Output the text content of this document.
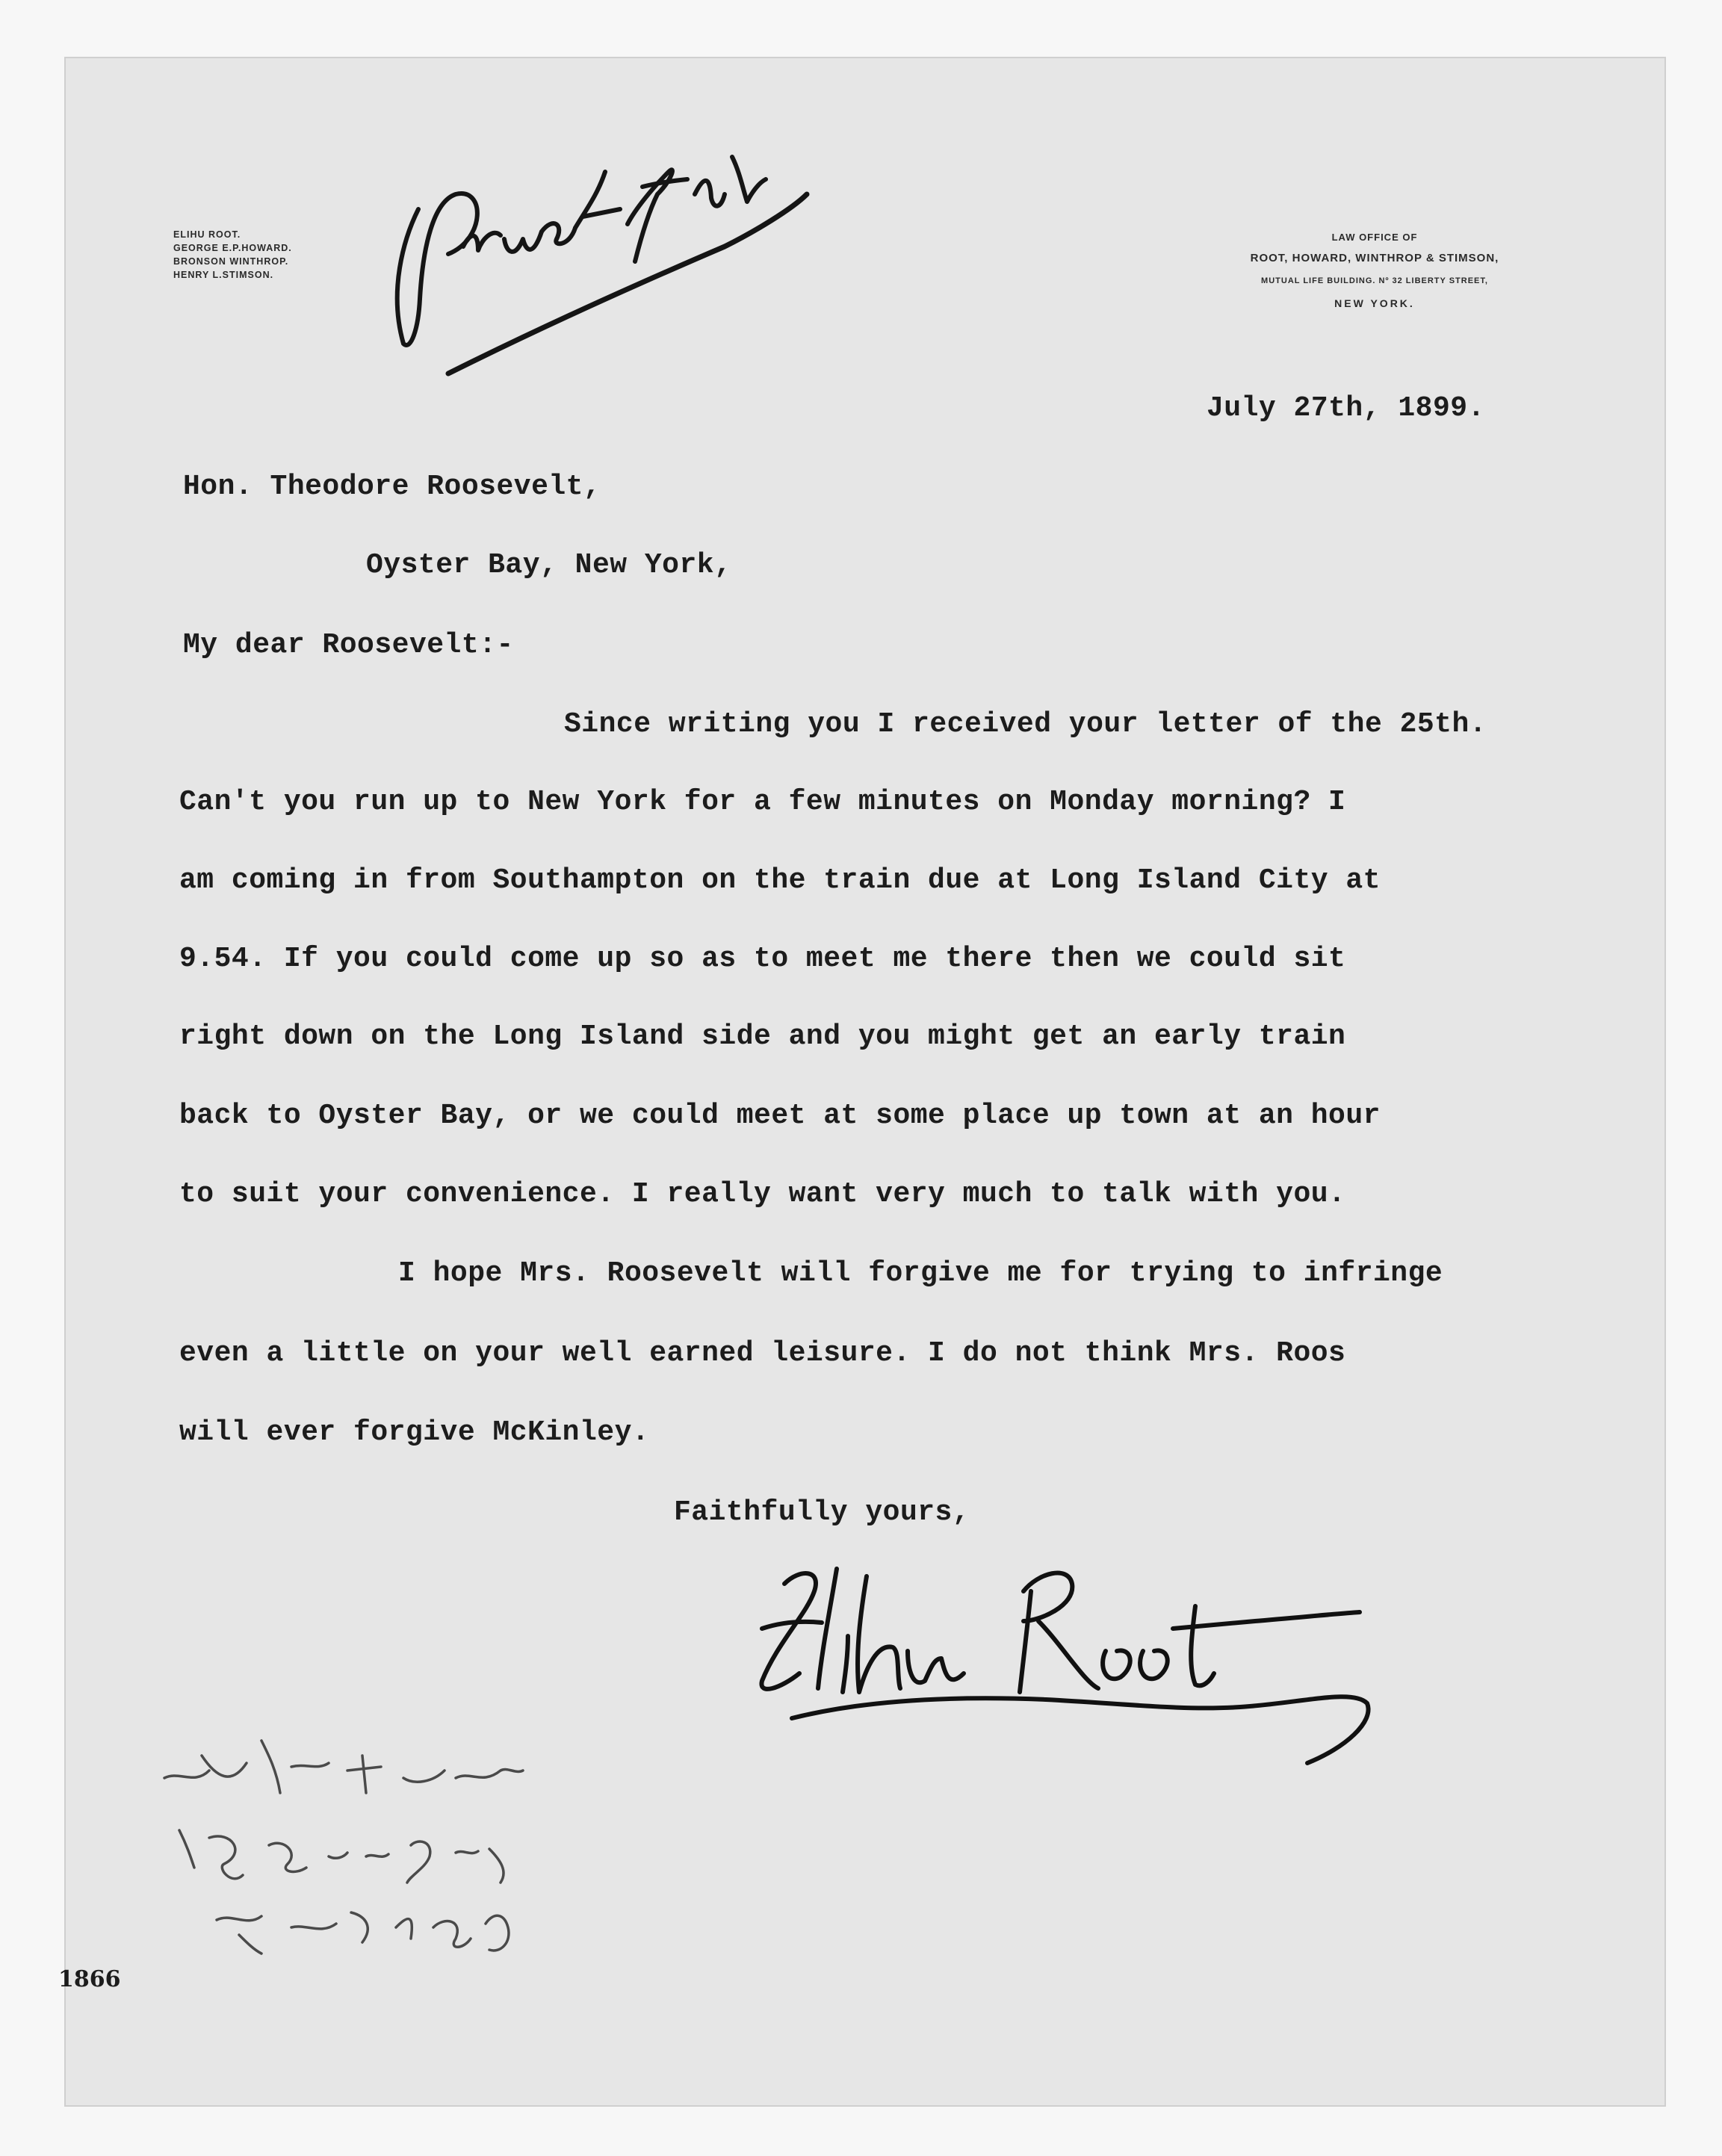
ELIHU ROOT.
GEORGE E.P.HOWARD.
BRONSON WINTHROP.
HENRY L.STIMSON.
LAW OFFICE OF
ROOT, HOWARD, WINTHROP & STIMSON,
MUTUAL LIFE BUILDING. Nº 32 LIBERTY STREET,
NEW YORK.
July 27th, 1899.
Hon. Theodore Roosevelt,
Oyster Bay, New York,
My dear Roosevelt:-
Since writing you I received your letter of the 25th.
Can't you run up to New York for a few minutes on Monday morning? I
am coming in from Southampton on the train due at Long Island City at
9.54. If you could come up so as to meet me there then we could sit
right down on the Long Island side and you might get an early train
back to Oyster Bay, or we could meet at some place up town at an hour
to suit your convenience. I really want very much to talk with you.
I hope Mrs. Roosevelt will forgive me for trying to infringe
even a little on your well earned leisure. I do not think Mrs. Roos
will ever forgive McKinley.
Faithfully yours,
1866
